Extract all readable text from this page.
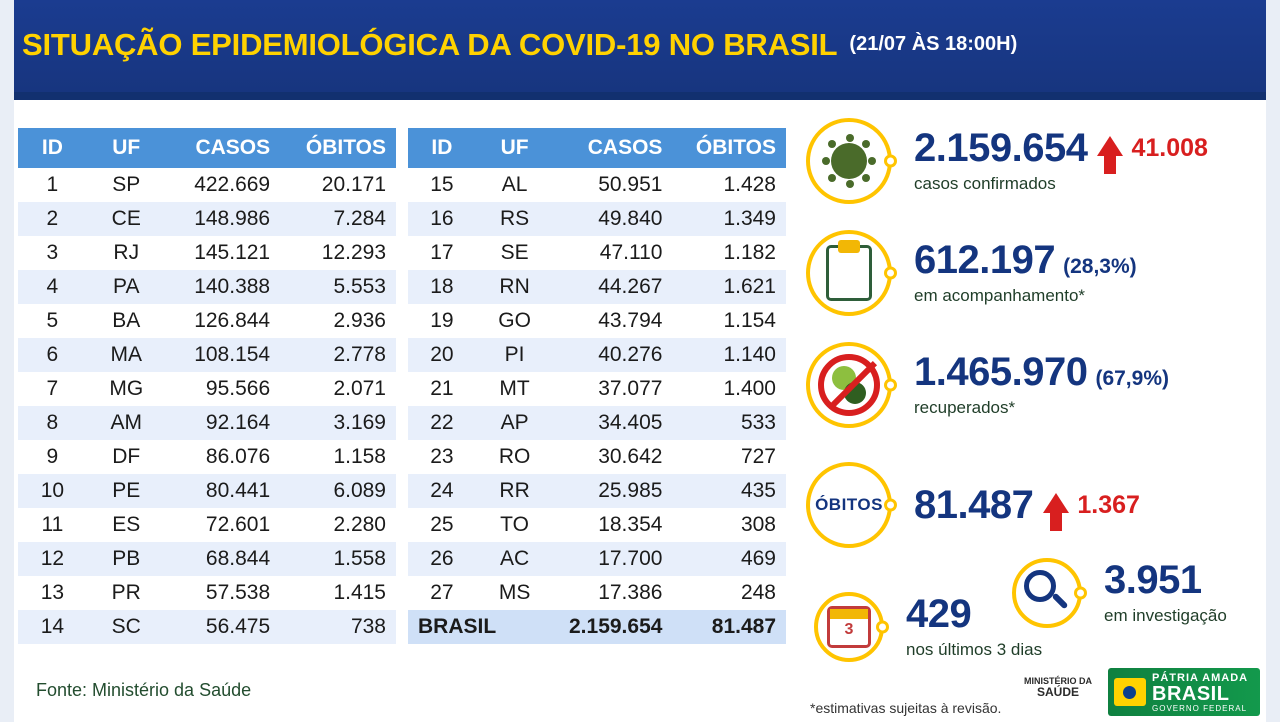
SITUAÇÃO EPIDEMIOLÓGICA DA COVID-19 NO BRASIL (21/07 ÀS 18:00H)
ID	UF	CASOS	ÓBITOS
1	SP	422.669	20.171
2	CE	148.986	7.284
3	RJ	145.121	12.293
4	PA	140.388	5.553
5	BA	126.844	2.936
6	MA	108.154	2.778
7	MG	95.566	2.071
8	AM	92.164	3.169
9	DF	86.076	1.158
10	PE	80.441	6.089
11	ES	72.601	2.280
12	PB	68.844	1.558
13	PR	57.538	1.415
14	SC	56.475	738
ID	UF	CASOS	ÓBITOS
15	AL	50.951	1.428
16	RS	49.840	1.349
17	SE	47.110	1.182
18	RN	44.267	1.621
19	GO	43.794	1.154
20	PI	40.276	1.140
21	MT	37.077	1.400
22	AP	34.405	533
23	RO	30.642	727
24	RR	25.985	435
25	TO	18.354	308
26	AC	17.700	469
27	MS	17.386	248
BRASIL		2.159.654	81.487
Fonte: Ministério da Saúde
2.159.654 41.008
casos confirmados
612.197 (28,3%)
em acompanhamento*
1.465.970 (67,9%)
recuperados*
ÓBITOS 81.487 1.367
3.951
em investigação
3	429
nos últimos 3 dias
*estimativas sujeitas à revisão.
MINISTÉRIO DA
SAÚDE
PÁTRIA AMADA
BRASIL
GOVERNO FEDERAL
